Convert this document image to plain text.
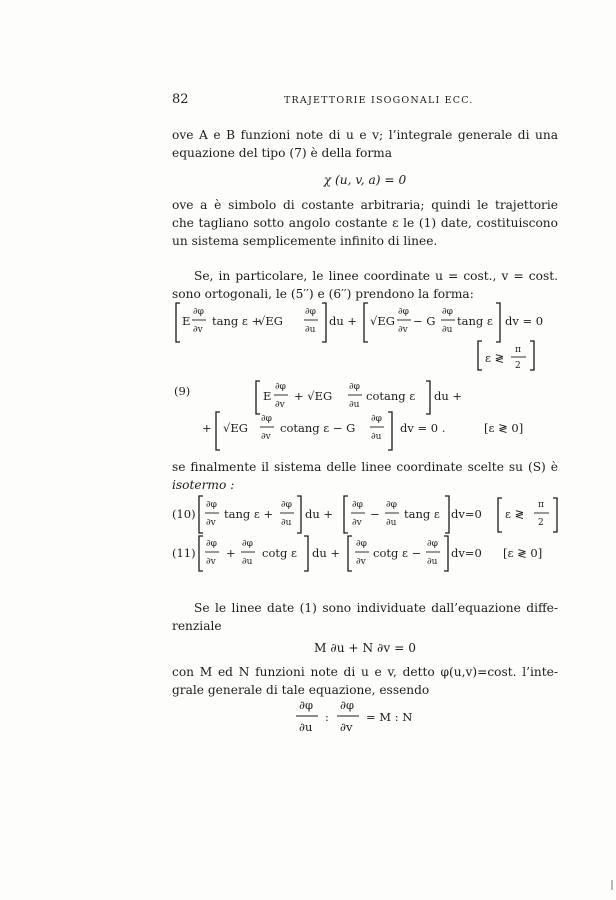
82	TRAJETTORIE ISOGONALI ECC.
ove A e B funzioni note di u e v; l’integrale generale di una
equazione del tipo (7) è della forma
χ (u, v, a) = 0
ove a è simbolo di costante arbitraria; quindi le trajettorie
che tagliano sotto angolo costante ε le (1) date, costituiscono
un sistema semplicemente infinito di linee.
Se, in particolare, le linee coordinate u = cost., v = cost.
sono ortogonali, le (5′′) e (6′′) prendono la forma:
E
∂φ
∂v
tang ε +
√EG
∂φ
∂u
du + √EG
∂φ
∂v
− G
∂φ
∂u
tang ε dv = 0
ε ≷
π
2
(9)	E
∂φ
∂v
+ √EG
∂φ
∂u
cotang ε du +
+ √EG
∂φ
∂v
cotang ε − G
∂φ
∂u
dv = 0 .	[ε ≷ 0]
se finalmente il sistema delle linee coordinate scelte su (S) è
isotermo :
(10)
∂φ
∂v
tang ε +
∂φ
∂u
du +
∂φ
∂v
−
∂φ
∂u
tang ε dv=0 ε ≷
π
2
(11)
∂φ
∂v
+
∂φ
∂u
cotg ε du +
∂φ
∂v
cotg ε −
∂φ
∂u
dv=0 [ε ≷ 0]
Se le linee date (1) sono individuate dall’equazione diffe-
renziale
M ∂u + N ∂v = 0
con M ed N funzioni note di u e v, detto φ(u,v)=cost. l’inte-
grale generale di tale equazione, essendo
∂φ
∂u
:
∂φ
∂v
= M : N
